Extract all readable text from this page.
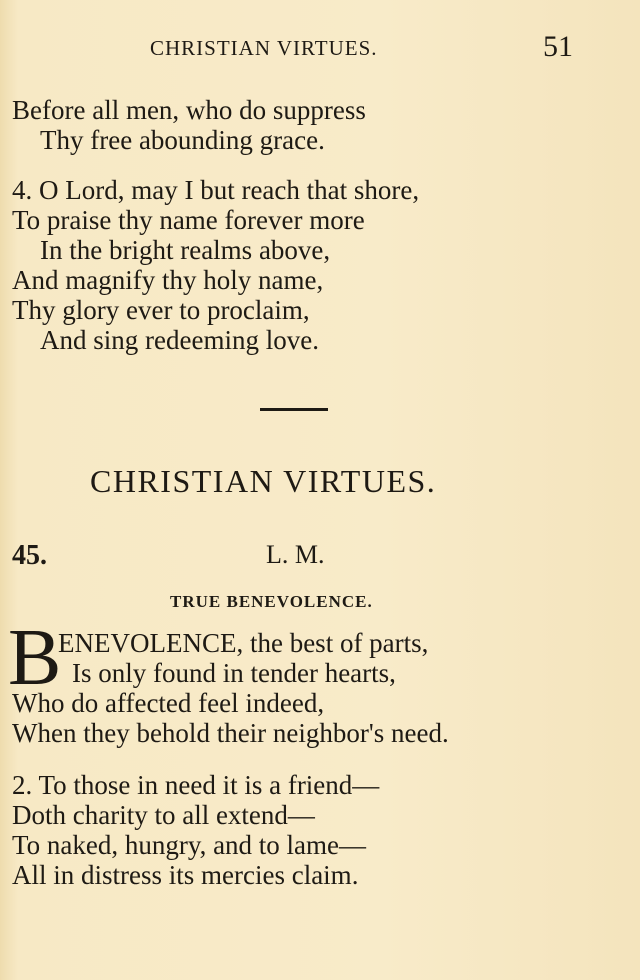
CHRISTIAN VIRTUES.	51
Before all men, who do suppress
Thy free abounding grace.
4. O Lord, may I but reach that shore,
To praise thy name forever more
In the bright realms above,
And magnify thy holy name,
Thy glory ever to proclaim,
And sing redeeming love.
CHRISTIAN VIRTUES.
45.	L. M.
TRUE BENEVOLENCE.
B
ENEVOLENCE, the best of parts,
Is only found in tender hearts,
Who do affected feel indeed,
When they behold their neighbor's need.
2. To those in need it is a friend—
Doth charity to all extend—
To naked, hungry, and to lame—
All in distress its mercies claim.
